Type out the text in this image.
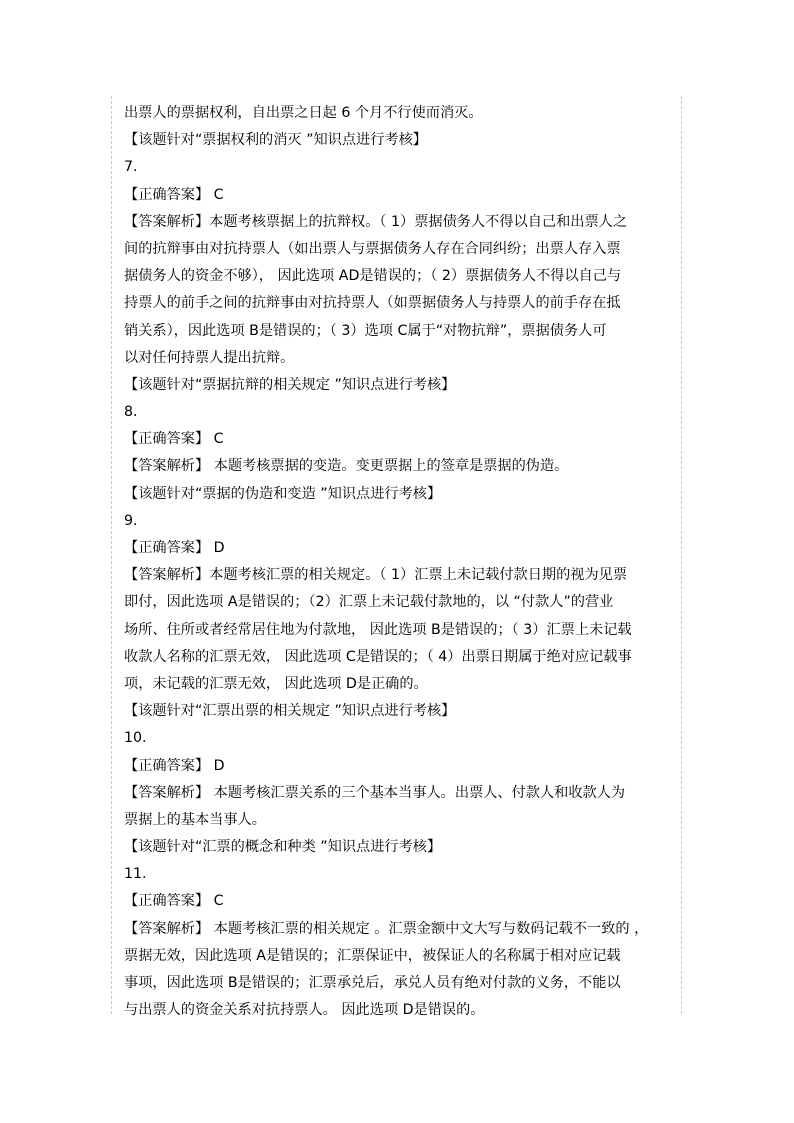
出票人的票据权利，自出票之日起 6 个月不行使而消灭。
【该题针对“票据权利的消灭 ”知识点进行考核】
7.
【正确答案】 C
【答案解析】本题考核票据上的抗辩权。（ 1）票据债务人不得以自己和出票人之
间的抗辩事由对抗持票人（如出票人与票据债务人存在合同纠纷；出票人存入票
据债务人的资金不够）， 因此选项 AD是错误的；（ 2）票据债务人不得以自己与
持票人的前手之间的抗辩事由对抗持票人（如票据债务人与持票人的前手存在抵
销关系），因此选项 B是错误的；（ 3）选项 C属于“对物抗辩”，票据债务人可
以对任何持票人提出抗辩。
【该题针对“票据抗辩的相关规定 ”知识点进行考核】
8.
【正确答案】 C
【答案解析】 本题考核票据的变造。变更票据上的签章是票据的伪造。
【该题针对“票据的伪造和变造 ”知识点进行考核】
9.
【正确答案】 D
【答案解析】本题考核汇票的相关规定。（ 1）汇票上未记载付款日期的视为见票
即付，因此选项 A是错误的；（2）汇票上未记载付款地的，以 “付款人”的营业
场所、住所或者经常居住地为付款地， 因此选项 B是错误的；（ 3）汇票上未记载
收款人名称的汇票无效， 因此选项 C是错误的；（ 4）出票日期属于绝对应记载事
项，未记载的汇票无效， 因此选项 D是正确的。
【该题针对“汇票出票的相关规定 ”知识点进行考核】
10.
【正确答案】 D
【答案解析】 本题考核汇票关系的三个基本当事人。出票人、付款人和收款人为
票据上的基本当事人。
【该题针对“汇票的概念和种类 ”知识点进行考核】
11.
【正确答案】 C
【答案解析】 本题考核汇票的相关规定 。汇票金额中文大写与数码记载不一致的 ，
票据无效，因此选项 A是错误的；汇票保证中，被保证人的名称属于相对应记载
事项，因此选项 B是错误的；汇票承兑后，承兑人员有绝对付款的义务，不能以
与出票人的资金关系对抗持票人。 因此选项 D是错误的。
